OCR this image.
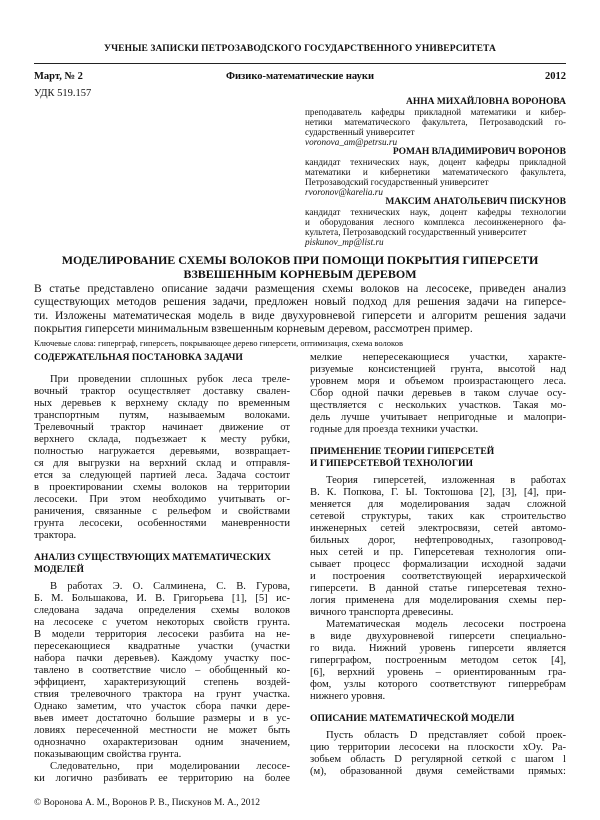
УЧЕНЫЕ ЗАПИСКИ ПЕТРОЗАВОДСКОГО ГОСУДАРСТВЕННОГО УНИВЕРСИТЕТА
Март, № 2	Физико-математические науки	2012
УДК 519.157
АННА МИХАЙЛОВНА ВОРОНОВА
преподаватель кафедры прикладной математики и кибер-
нетики математического факультета, Петрозаводский го-
сударственный университет
voronova_am@petrsu.ru
РОМАН ВЛАДИМИРОВИЧ ВОРОНОВ
кандидат технических наук, доцент кафедры прикладной
математики и кибернетики математического факультета,
Петрозаводский государственный университет
rvoronov@karelia.ru
МАКСИМ АНАТОЛЬЕВИЧ ПИСКУНОВ
кандидат технических наук, доцент кафедры технологии
и оборудования лесного комплекса лесоинженерного фа-
культета, Петрозаводский государственный университет
piskunov_mp@list.ru
МОДЕЛИРОВАНИЕ СХЕМЫ ВОЛОКОВ ПРИ ПОМОЩИ ПОКРЫТИЯ ГИПЕРСЕТИ
ВЗВЕШЕННЫМ КОРНЕВЫМ ДЕРЕВОМ
В статье представлено описание задачи размещения схемы волоков на лесосеке, приведен анализ
существующих методов решения задачи, предложен новый подход для решения задачи на гиперсе-
ти. Изложены математическая модель в виде двухуровневой гиперсети и алгоритм решения задачи
покрытия гиперсети минимальным взвешенным корневым деревом, рассмотрен пример.
Ключевые слова: гиперграф, гиперсеть, покрывающее дерево гиперсети, оптимизация, схема волоков
СОДЕРЖАТЕЛЬНАЯ ПОСТАНОВКА ЗАДАЧИ
При проведении сплошных рубок леса треле-
вочный трактор осуществляет доставку свален-
ных деревьев к верхнему складу по временным
транспортным путям, называемым волоками.
Трелевочный трактор начинает движение от
верхнего склада, подъезжает к месту рубки,
полностью нагружается деревьями, возвращает-
ся для выгрузки на верхний склад и отправля-
ется за следующей партией леса. Задача состоит
в проектировании схемы волоков на территории
лесосеки. При этом необходимо учитывать ог-
раничения, связанные с рельефом и свойствами
грунта лесосеки, особенностями маневренности
трактора.
АНАЛИЗ СУЩЕСТВУЮЩИХ МАТЕМАТИЧЕСКИХ
МОДЕЛЕЙ
В работах Э. О. Салминена, С. В. Гурова,
Б. М. Большакова, И. В. Григорьева [1], [5] ис-
следована задача определения схемы волоков
на лесосеке с учетом некоторых свойств грунта.
В модели территория лесосеки разбита на не-
пересекающиеся квадратные участки (участки
набора пачки деревьев). Каждому участку пос-
тавлено в соответствие число – обобщенный ко-
эффициент, характеризующий степень воздей-
ствия трелевочного трактора на грунт участка.
Однако заметим, что участок сбора пачки дере-
вьев имеет достаточно большие размеры и в ус-
ловиях пересеченной местности не может быть
однозначно охарактеризован одним значением,
показывающим свойства грунта.
Следовательно, при моделировании лесосе-
ки логично разбивать ее территорию на более
мелкие непересекающиеся участки, характе-
ризуемые консистенцией грунта, высотой над
уровнем моря и объемом произрастающего леса.
Сбор одной пачки деревьев в таком случае осу-
ществляется с нескольких участков. Такая мо-
дель лучше учитывает непригодные и малопри-
годные для проезда техники участки.
ПРИМЕНЕНИЕ ТЕОРИИ ГИПЕРСЕТЕЙ
И ГИПЕРСЕТЕВОЙ ТЕХНОЛОГИИ
Теория гиперсетей, изложенная в работах
В. К. Попкова, Г. Ы. Токтошова [2], [3], [4], при-
меняется для моделирования задач сложной
сетевой структуры, таких как строительство
инженерных сетей электросвязи, сетей автомо-
бильных дорог, нефтепроводных, газопровод-
ных сетей и пр. Гиперсетевая технология опи-
сывает процесс формализации исходной задачи
и построения соответствующей иерархической
гиперсети. В данной статье гиперсетевая техно-
логия применена для моделирования схемы пер-
вичного транспорта древесины.
Математическая модель лесосеки построена
в виде двухуровневой гиперсети специально-
го вида. Нижний уровень гиперсети является
гиперграфом, построенным методом сеток [4],
[6], верхний уровень – ориентированным гра-
фом, узлы которого соответствуют гиперребрам
нижнего уровня.
ОПИСАНИЕ МАТЕМАТИЧЕСКОЙ МОДЕЛИ
Пусть область D представляет собой проек-
цию территории лесосеки на плоскости xOy. Ра-
зобьем область D регулярной сеткой с шагом l
(м), образованной двумя семействами прямых:
© Воронова А. М., Воронов Р. В., Пискунов М. А., 2012
